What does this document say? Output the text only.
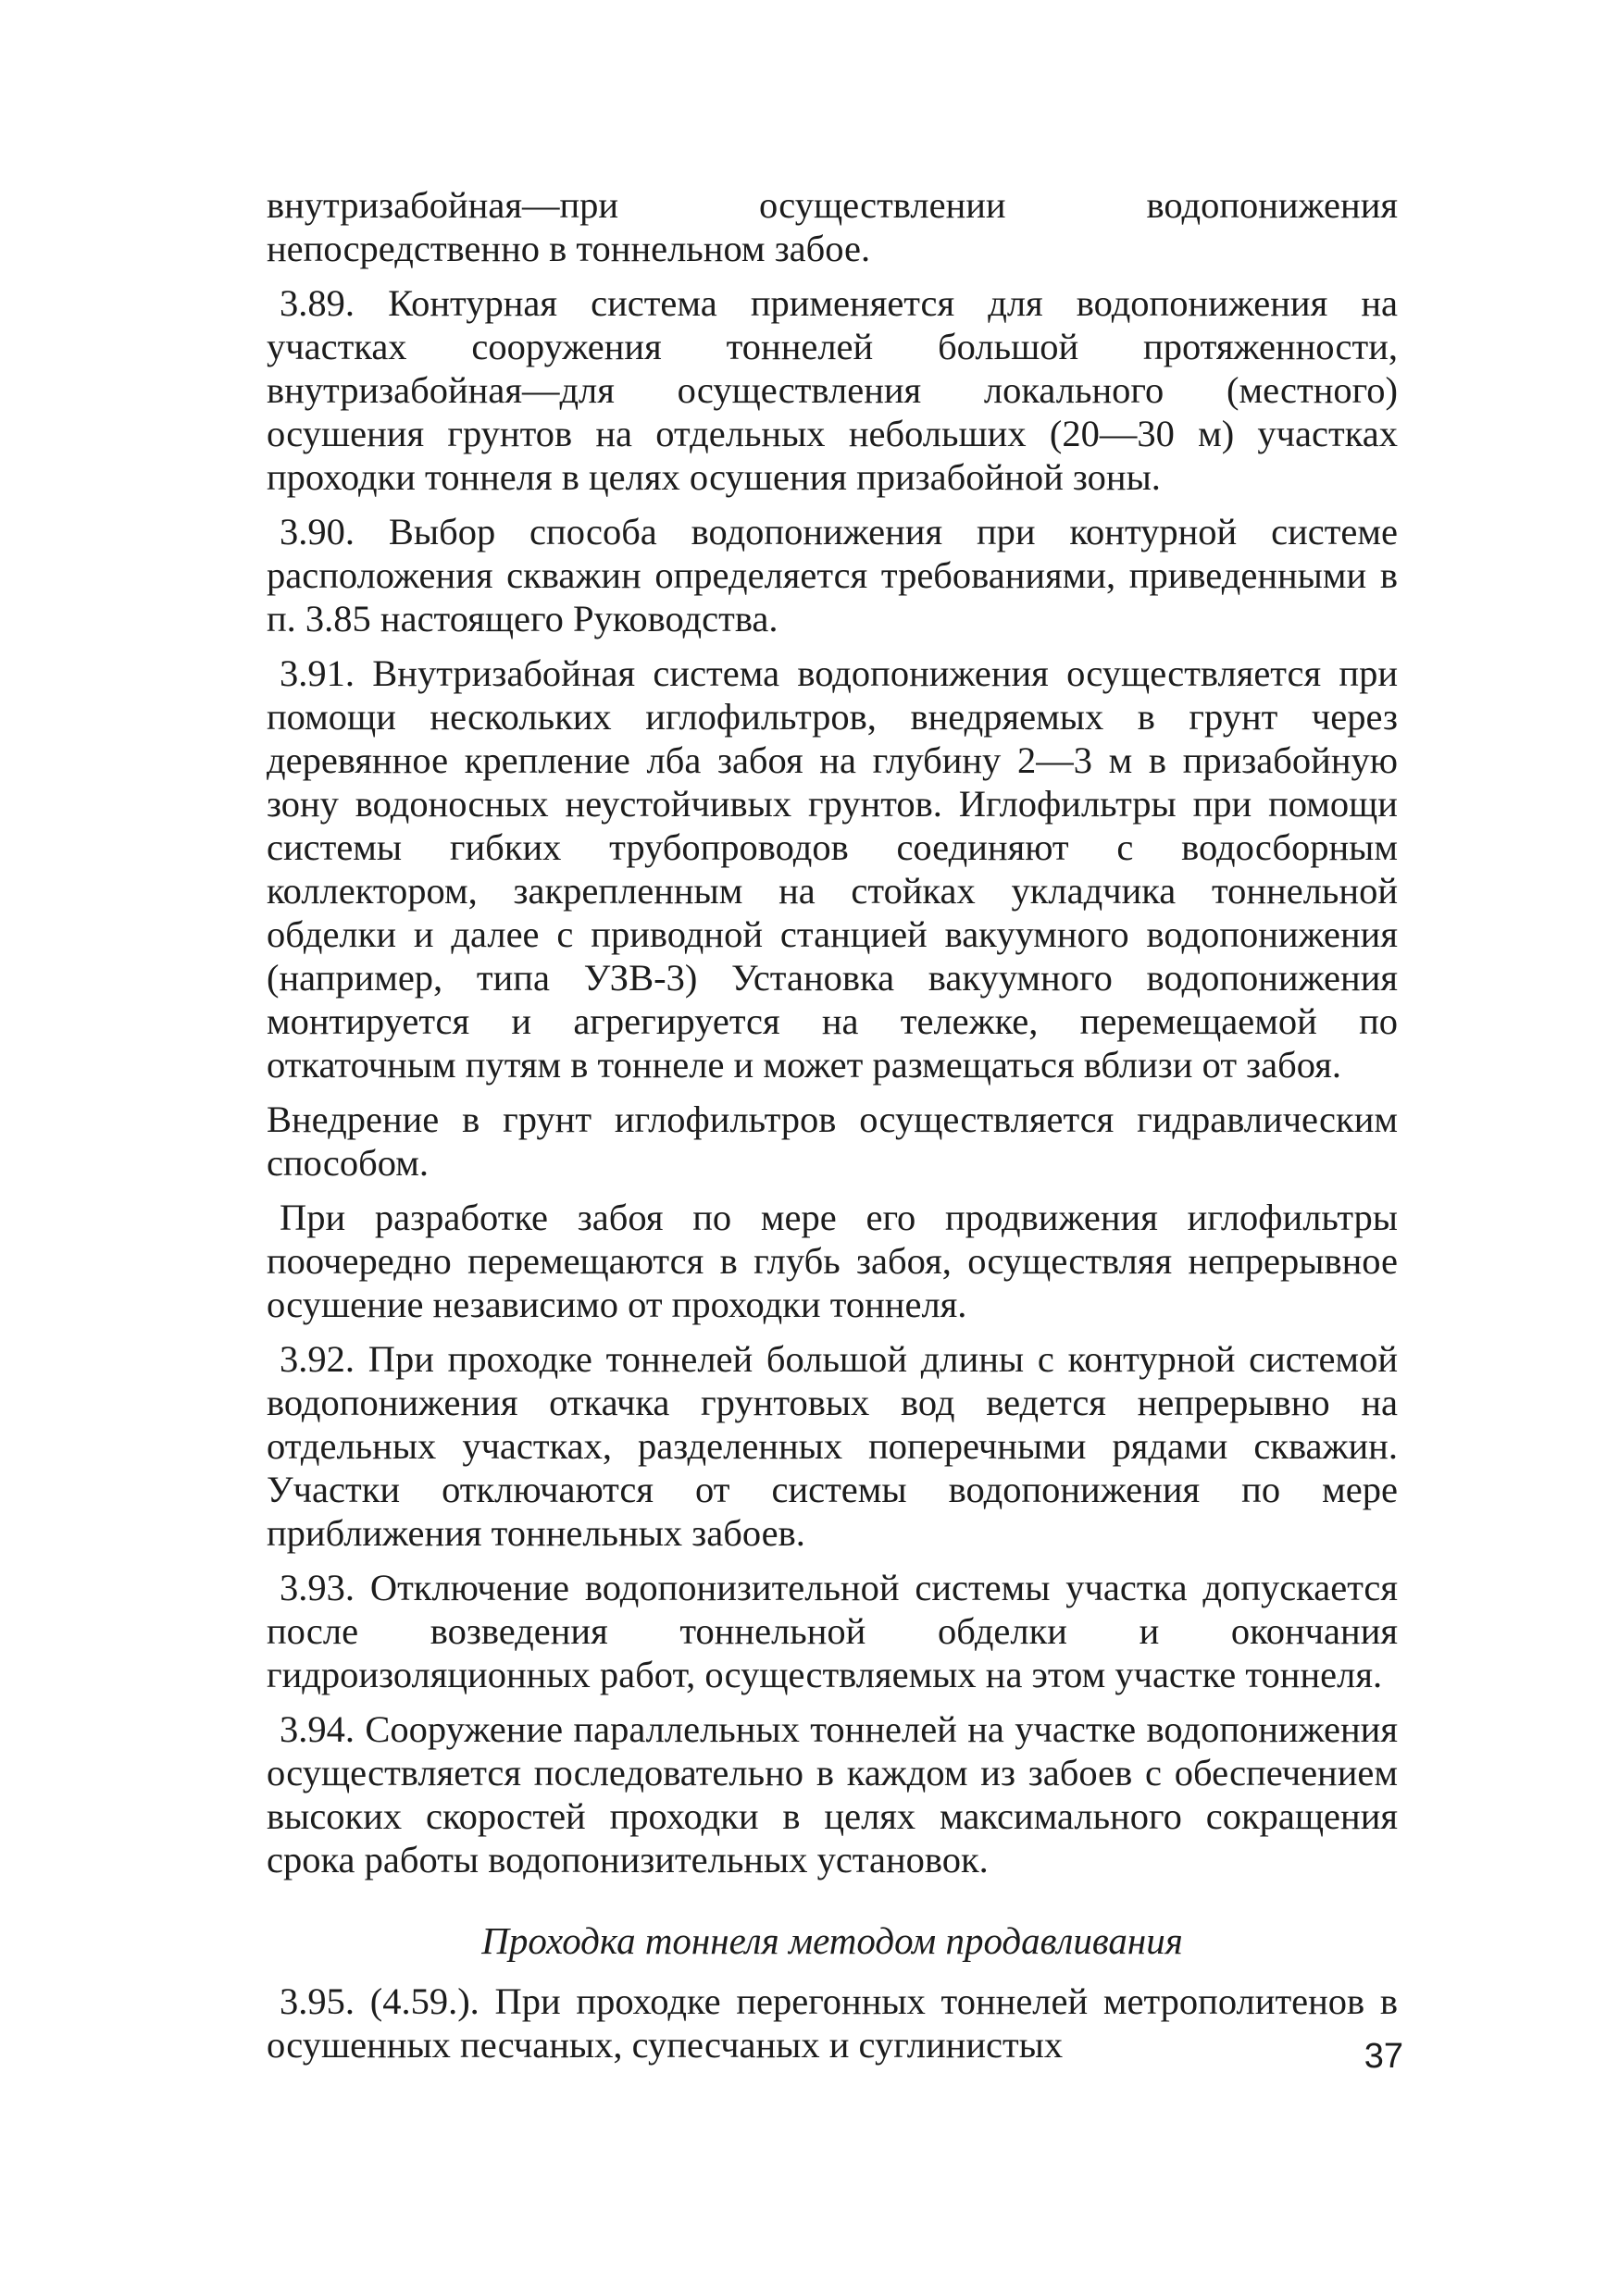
внутризабойная—при осуществлении водопонижения непосредственно в тоннельном забое.

3.89. Контурная система применяется для водопонижения на участках сооружения тоннелей большой протяженности, внутризабойная—для осуществления локального (местного) осушения грунтов на отдельных небольших (20—30 м) участках проходки тоннеля в целях осушения призабойной зоны.

3.90. Выбор способа водопонижения при контурной системе расположения скважин определяется требованиями, приведенными в п. 3.85 настоящего Руководства.

3.91. Внутризабойная система водопонижения осуществляется при помощи нескольких иглофильтров, внедряемых в грунт через деревянное крепление лба забоя на глубину 2—3 м в призабойную зону водоносных неустойчивых грунтов. Иглофильтры при помощи системы гибких трубопроводов соединяют с водосборным коллектором, закрепленным на стойках укладчика тоннельной обделки и далее с приводной станцией вакуумного водопонижения (например, типа УЗВ-3) Установка вакуумного водопонижения монтируется и агрегируется на тележке, перемещаемой по откаточным путям в тоннеле и может размещаться вблизи от забоя.

Внедрение в грунт иглофильтров осуществляется гидравлическим способом.

При разработке забоя по мере его продвижения иглофильтры поочередно перемещаются в глубь забоя, осуществляя непрерывное осушение независимо от проходки тоннеля.

3.92. При проходке тоннелей большой длины с контурной системой водопонижения откачка грунтовых вод ведется непрерывно на отдельных участках, разделенных поперечными рядами скважин. Участки отключаются от системы водопонижения по мере приближения тоннельных забоев.

3.93. Отключение водопонизительной системы участка допускается после возведения тоннельной обделки и окончания гидроизоляционных работ, осуществляемых на этом участке тоннеля.

3.94. Сооружение параллельных тоннелей на участке водопонижения осуществляется последовательно в каждом из забоев с обеспечением высоких скоростей проходки в целях максимального сокращения срока работы водопонизительных установок.

Проходка тоннеля методом продавливания

3.95. (4.59.). При проходке перегонных тоннелей метрополитенов в осушенных песчаных, супесчаных и суглинистых	37
